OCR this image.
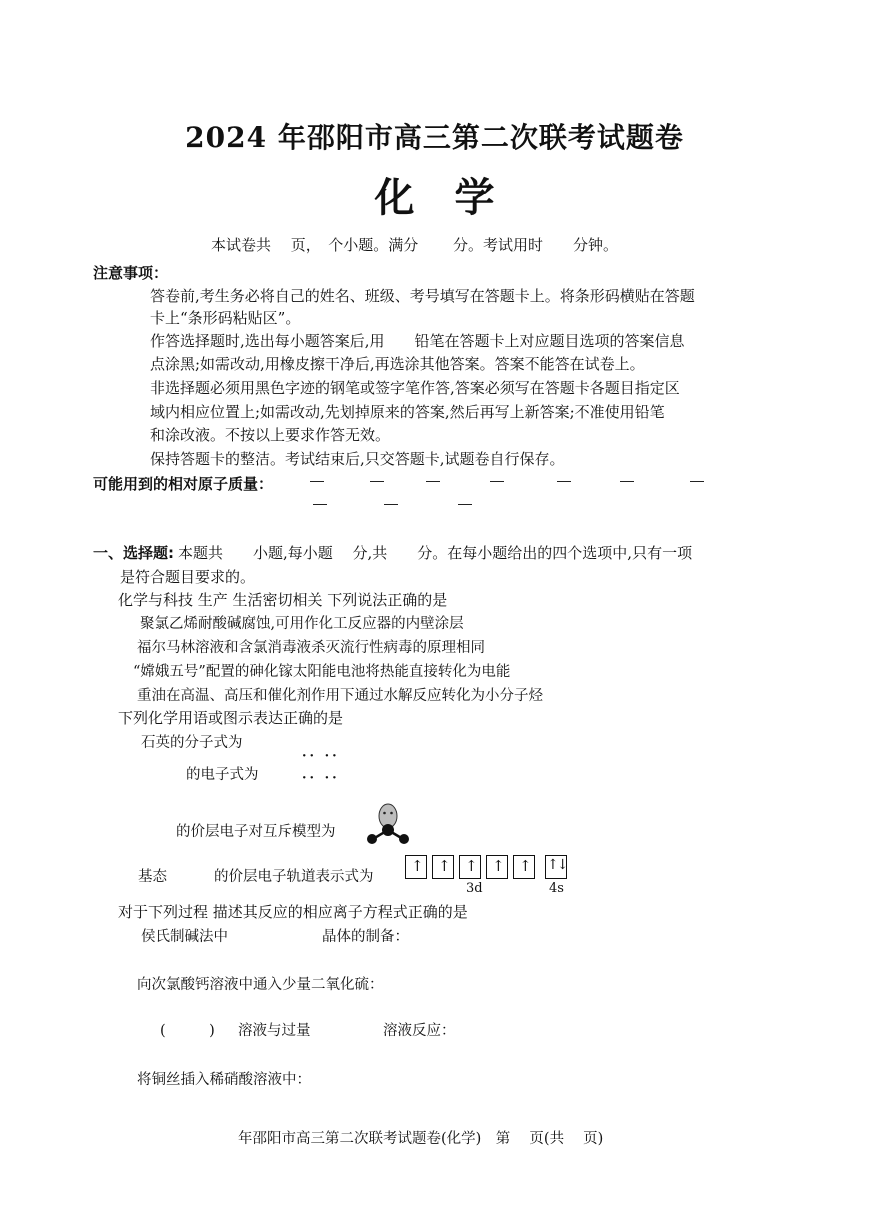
2024 年邵阳市高三第二次联考试题卷
化　学
本试卷共　 页，　个小题。满分　　 分。考试用时　　分钟。
注意事项：
答卷前,考生务必将自己的姓名、班级、考号填写在答题卡上。将条形码横贴在答题
卡上“条形码粘贴区”。
作答选择题时,选出每小题答案后,用　　铅笔在答题卡上对应题目选项的答案信息
点涂黑;如需改动,用橡皮擦干净后,再选涂其他答案。答案不能答在试卷上。
非选择题必须用黑色字迹的钢笔或签字笔作答,答案必须写在答题卡各题目指定区
域内相应位置上;如需改动,先划掉原来的答案,然后再写上新答案;不准使用铅笔
和涂改液。不按以上要求作答无效。
保持答题卡的整洁。考试结束后,只交答题卡,试题卷自行保存。
可能用到的相对原子质量：
一、选择题: 本题共　　小题,每小题　 分,共　　分。在每小题给出的四个选项中,只有一项
是符合题目要求的。
化学与科技 生产 生活密切相关 下列说法正确的是
聚氯乙烯耐酸碱腐蚀,可用作化工反应器的内壁涂层
福尔马林溶液和含氯消毒液杀灭流行性病毒的原理相同
“嫦娥五号”配置的砷化镓太阳能电池将热能直接转化为电能
重油在高温、高压和催化剂作用下通过水解反应转化为小分子烃
下列化学用语或图示表达正确的是
石英的分子式为
的电子式为
·· ··
·· ··
的价层电子对互斥模型为
基态	的价层电子轨道表示式为
↑ ↑ ↑ ↑ ↑ ↑↓
3d	4s
对于下列过程 描述其反应的相应离子方程式正确的是
侯氏制碱法中	晶体的制备：
向次氯酸钙溶液中通入少量二氧化硫：
(　　　) 溶液与过量	溶液反应：
将铜丝插入稀硝酸溶液中：
年邵阳市高三第二次联考试题卷(化学)　第　 页(共　 页)
